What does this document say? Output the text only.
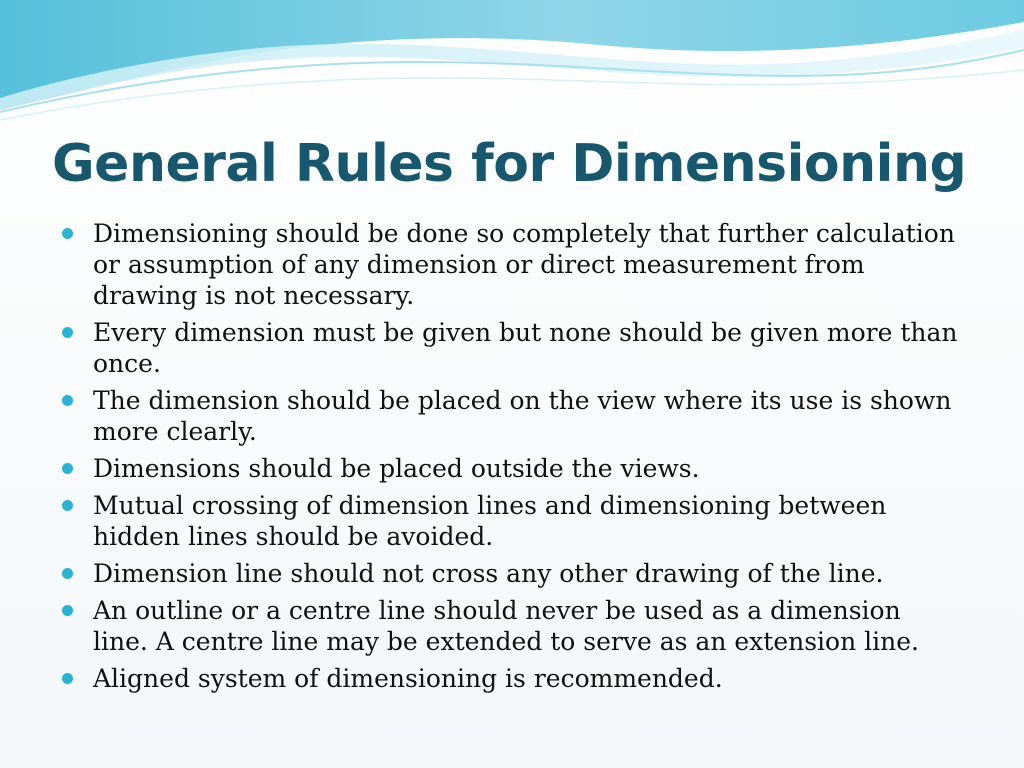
General Rules for Dimensioning
Dimensioning should be done so completely that further calculation or assumption of any dimension or direct measurement from drawing is not necessary.
Every dimension must be given but none should be given more than once.
The dimension should be placed on the view where its use is shown more clearly.
Dimensions should be placed outside the views.
Mutual crossing of dimension lines and dimensioning between hidden lines should be avoided.
Dimension line should not cross any other drawing of the line.
An outline or a centre line should never be used as a dimension line. A centre line may be extended to serve as an extension line.
Aligned system of dimensioning is recommended.
